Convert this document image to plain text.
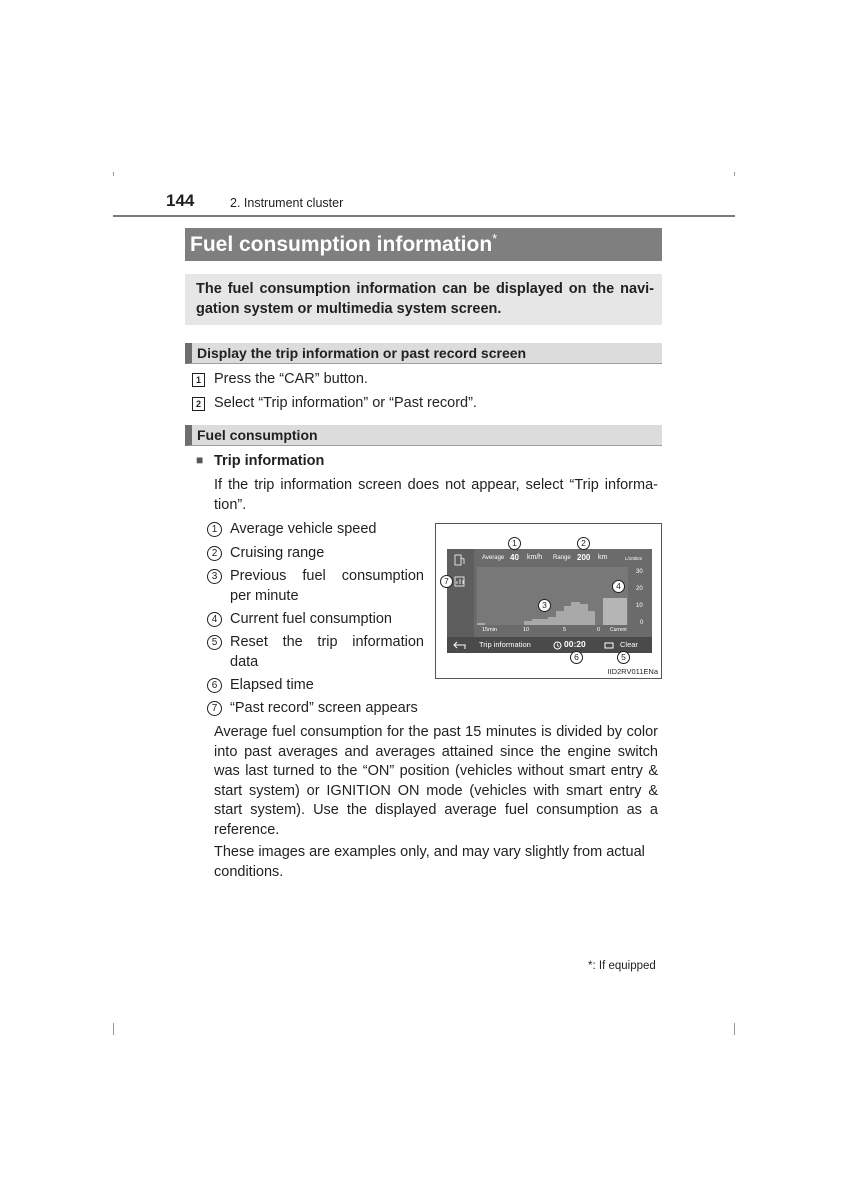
144	2. Instrument cluster
Fuel consumption information*
The fuel consumption information can be displayed on the navi-gation system or multimedia system screen.
Display the trip information or past record screen
1 Press the “CAR” button.
2 Select “Trip information” or “Past record”.
Fuel consumption
■ Trip information
If the trip information screen does not appear, select “Trip informa-tion”.
1 Average vehicle speed
2 Cruising range
3 Previous fuel consumption
per minute
4 Current fuel consumption
5 Reset the trip information
data
6 Elapsed time
7 “Past record” screen appears
Average 40 km/h Range 200 km	L/100km
30
20
10
0
15min	10	5	0 Current
Trip information	00:20	Clear
1	2
7	4
3
6	5
IID2RV011ENa
Average fuel consumption for the past 15 minutes is divided by color into past averages and averages attained since the engine switch was last turned to the “ON” position (vehicles without smart entry & start system) or IGNITION ON mode (vehicles with smart entry & start system). Use the displayed average fuel consumption as a reference.
These images are examples only, and may vary slightly from actual conditions.
*: If equipped
